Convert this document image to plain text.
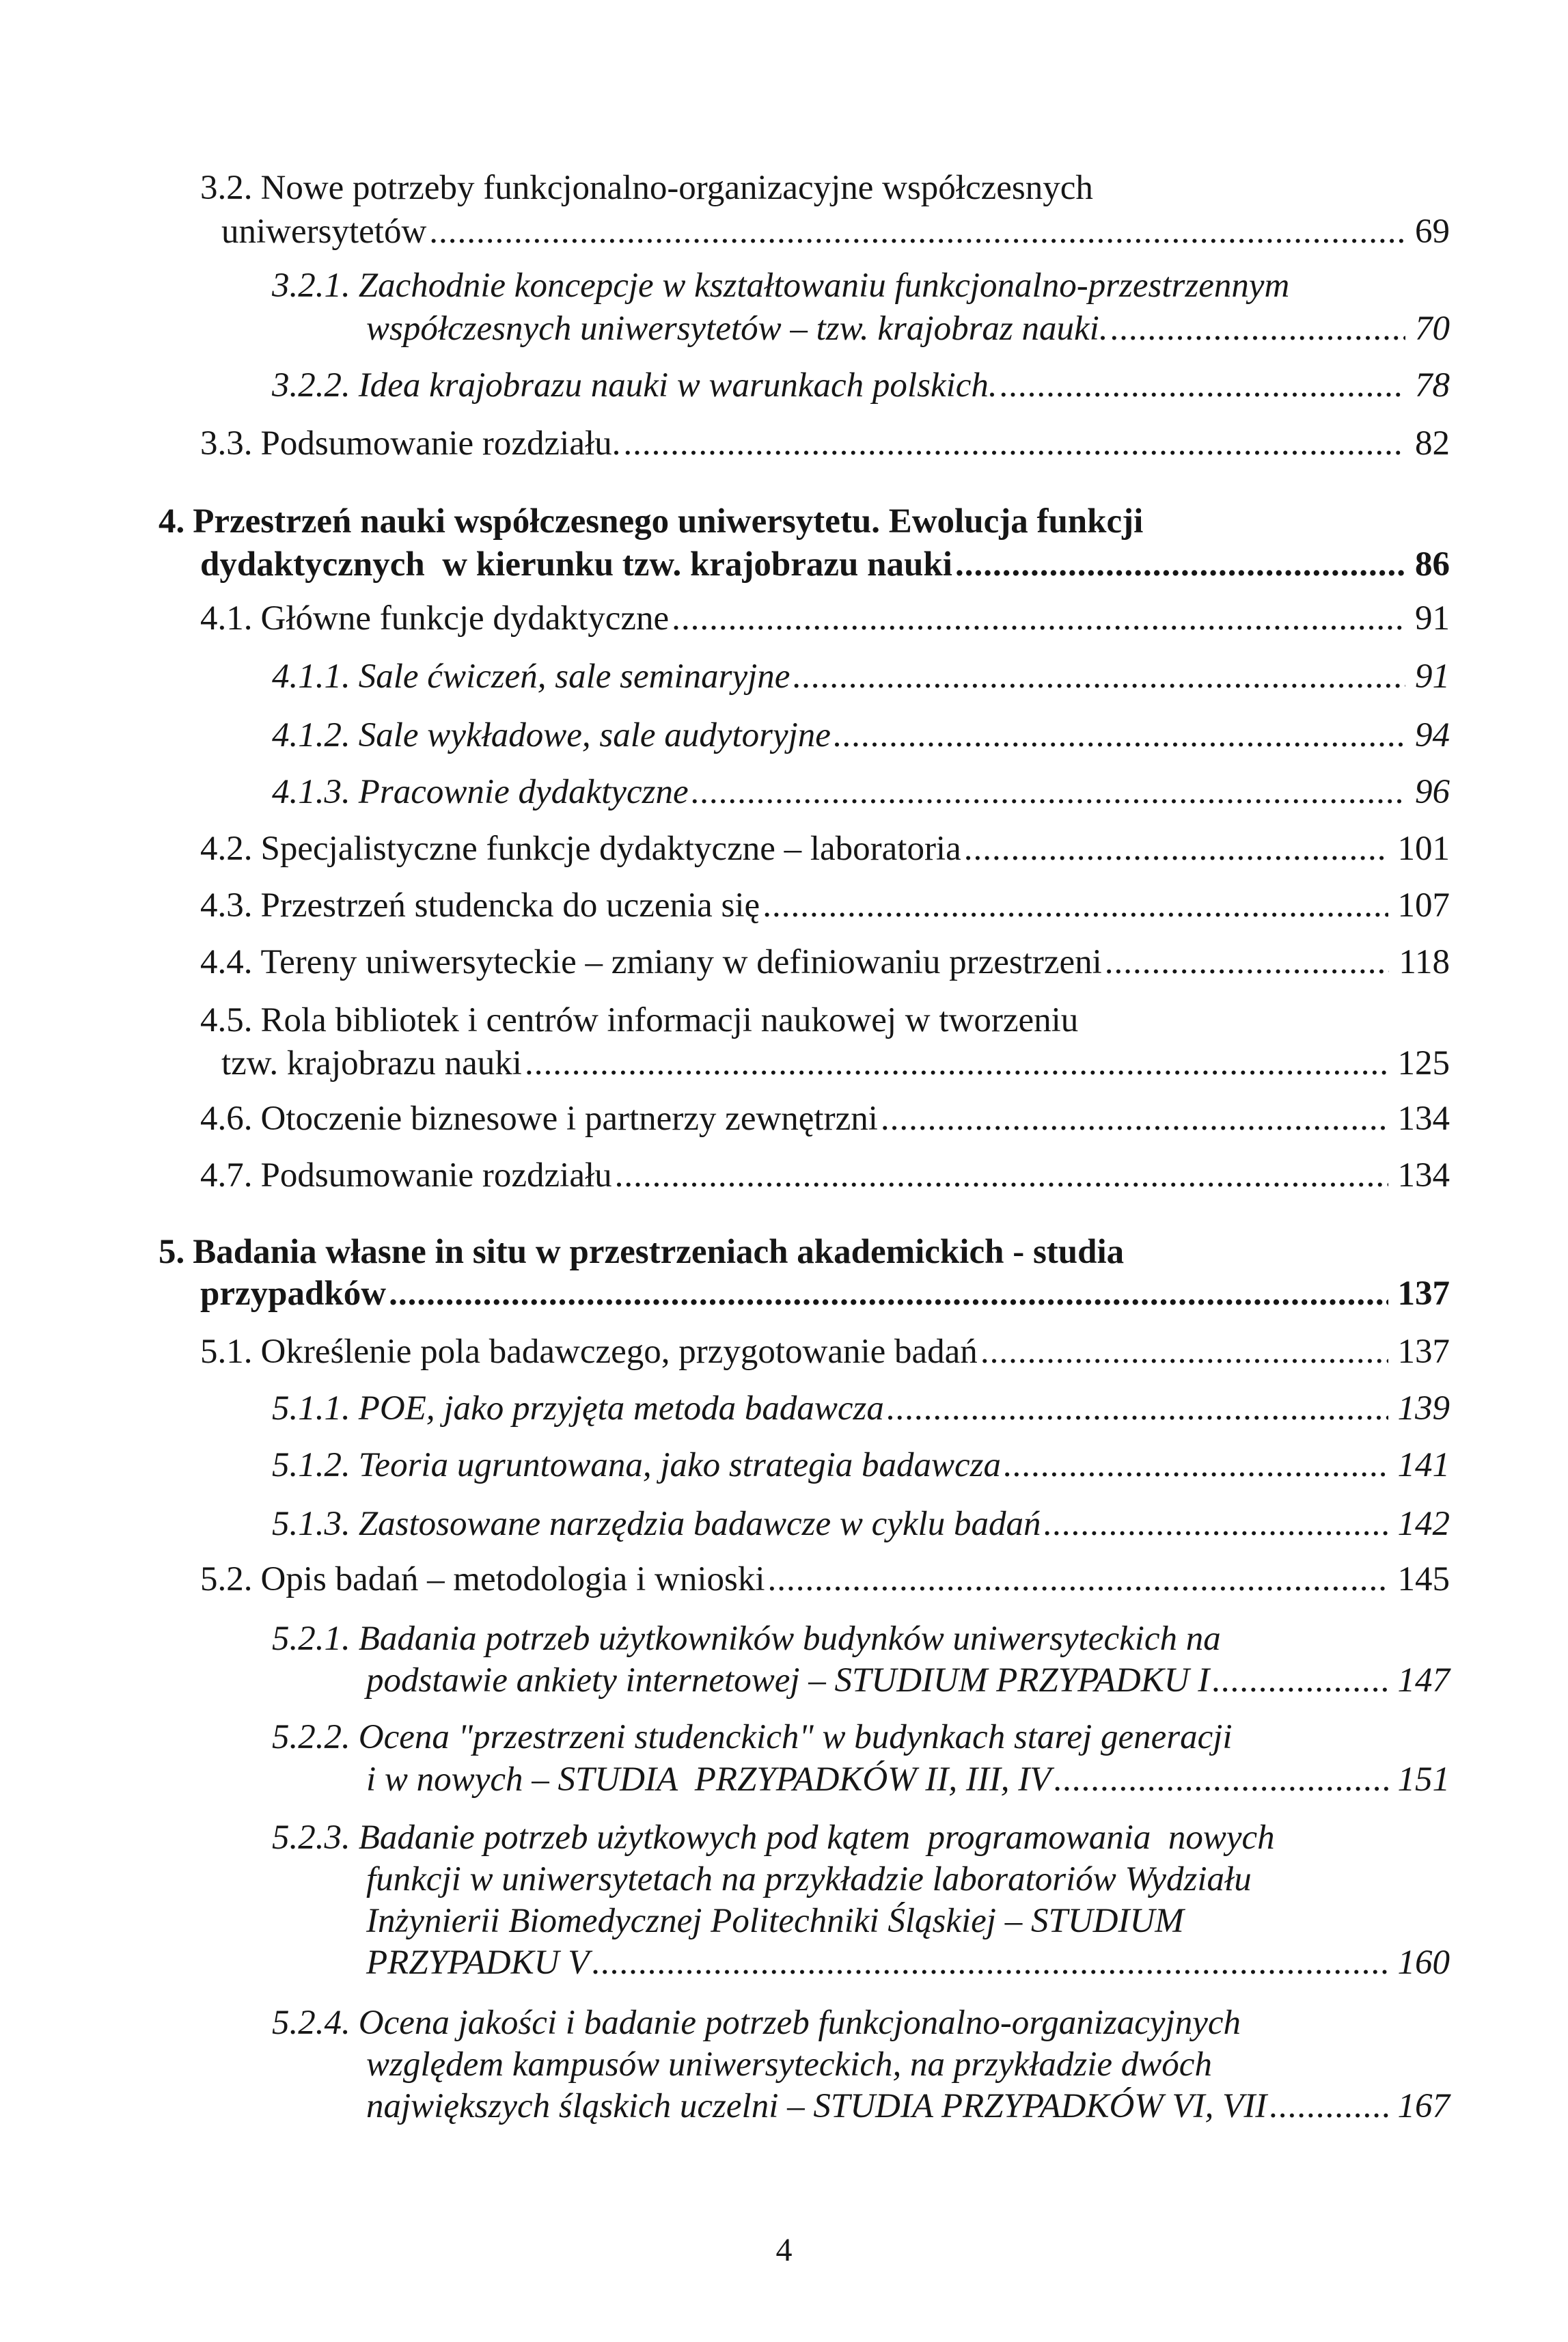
3.2. Nowe potrzeby funkcjonalno-organizacyjne współczesnych
uniwersytetów .....	69
3.2.1. Zachodnie koncepcje w kształtowaniu funkcjonalno-przestrzennym
współczesnych uniwersytetów – tzw. krajobraz nauki. .....	70
3.2.2. Idea krajobrazu nauki w warunkach polskich. .....	78
3.3. Podsumowanie rozdziału. .....	82
4. Przestrzeń nauki współczesnego uniwersytetu. Ewolucja funkcji
dydaktycznych  w kierunku tzw. krajobrazu nauki .....	86
4.1. Główne funkcje dydaktyczne .....	91
4.1.1. Sale ćwiczeń, sale seminaryjne .....	91
4.1.2. Sale wykładowe, sale audytoryjne .....	94
4.1.3. Pracownie dydaktyczne .....	96
4.2. Specjalistyczne funkcje dydaktyczne – laboratoria .....	101
4.3. Przestrzeń studencka do uczenia się .....	107
4.4. Tereny uniwersyteckie – zmiany w definiowaniu przestrzeni .....	118
4.5. Rola bibliotek i centrów informacji naukowej w tworzeniu
tzw. krajobrazu nauki .....	125
4.6. Otoczenie biznesowe i partnerzy zewnętrzni .....	134
4.7. Podsumowanie rozdziału .....	134
5. Badania własne in situ w przestrzeniach akademickich - studia
przypadków .....	137
5.1. Określenie pola badawczego, przygotowanie badań .....	137
5.1.1. POE, jako przyjęta metoda badawcza .....	139
5.1.2. Teoria ugruntowana, jako strategia badawcza .....	141
5.1.3. Zastosowane narzędzia badawcze w cyklu badań .....	142
5.2. Opis badań – metodologia i wnioski .....	145
5.2.1. Badania potrzeb użytkowników budynków uniwersyteckich na
podstawie ankiety internetowej – STUDIUM PRZYPADKU I .....	147
5.2.2. Ocena "przestrzeni studenckich" w budynkach starej generacji
i w nowych – STUDIA  PRZYPADKÓW II, III, IV .....	151
5.2.3. Badanie potrzeb użytkowych pod kątem  programowania  nowych
funkcji w uniwersytetach na przykładzie laboratoriów Wydziału
Inżynierii Biomedycznej Politechniki Śląskiej – STUDIUM
PRZYPADKU V .....	160
5.2.4. Ocena jakości i badanie potrzeb funkcjonalno-organizacyjnych
względem kampusów uniwersyteckich, na przykładzie dwóch
największych śląskich uczelni – STUDIA PRZYPADKÓW VI, VII .....	167
4
